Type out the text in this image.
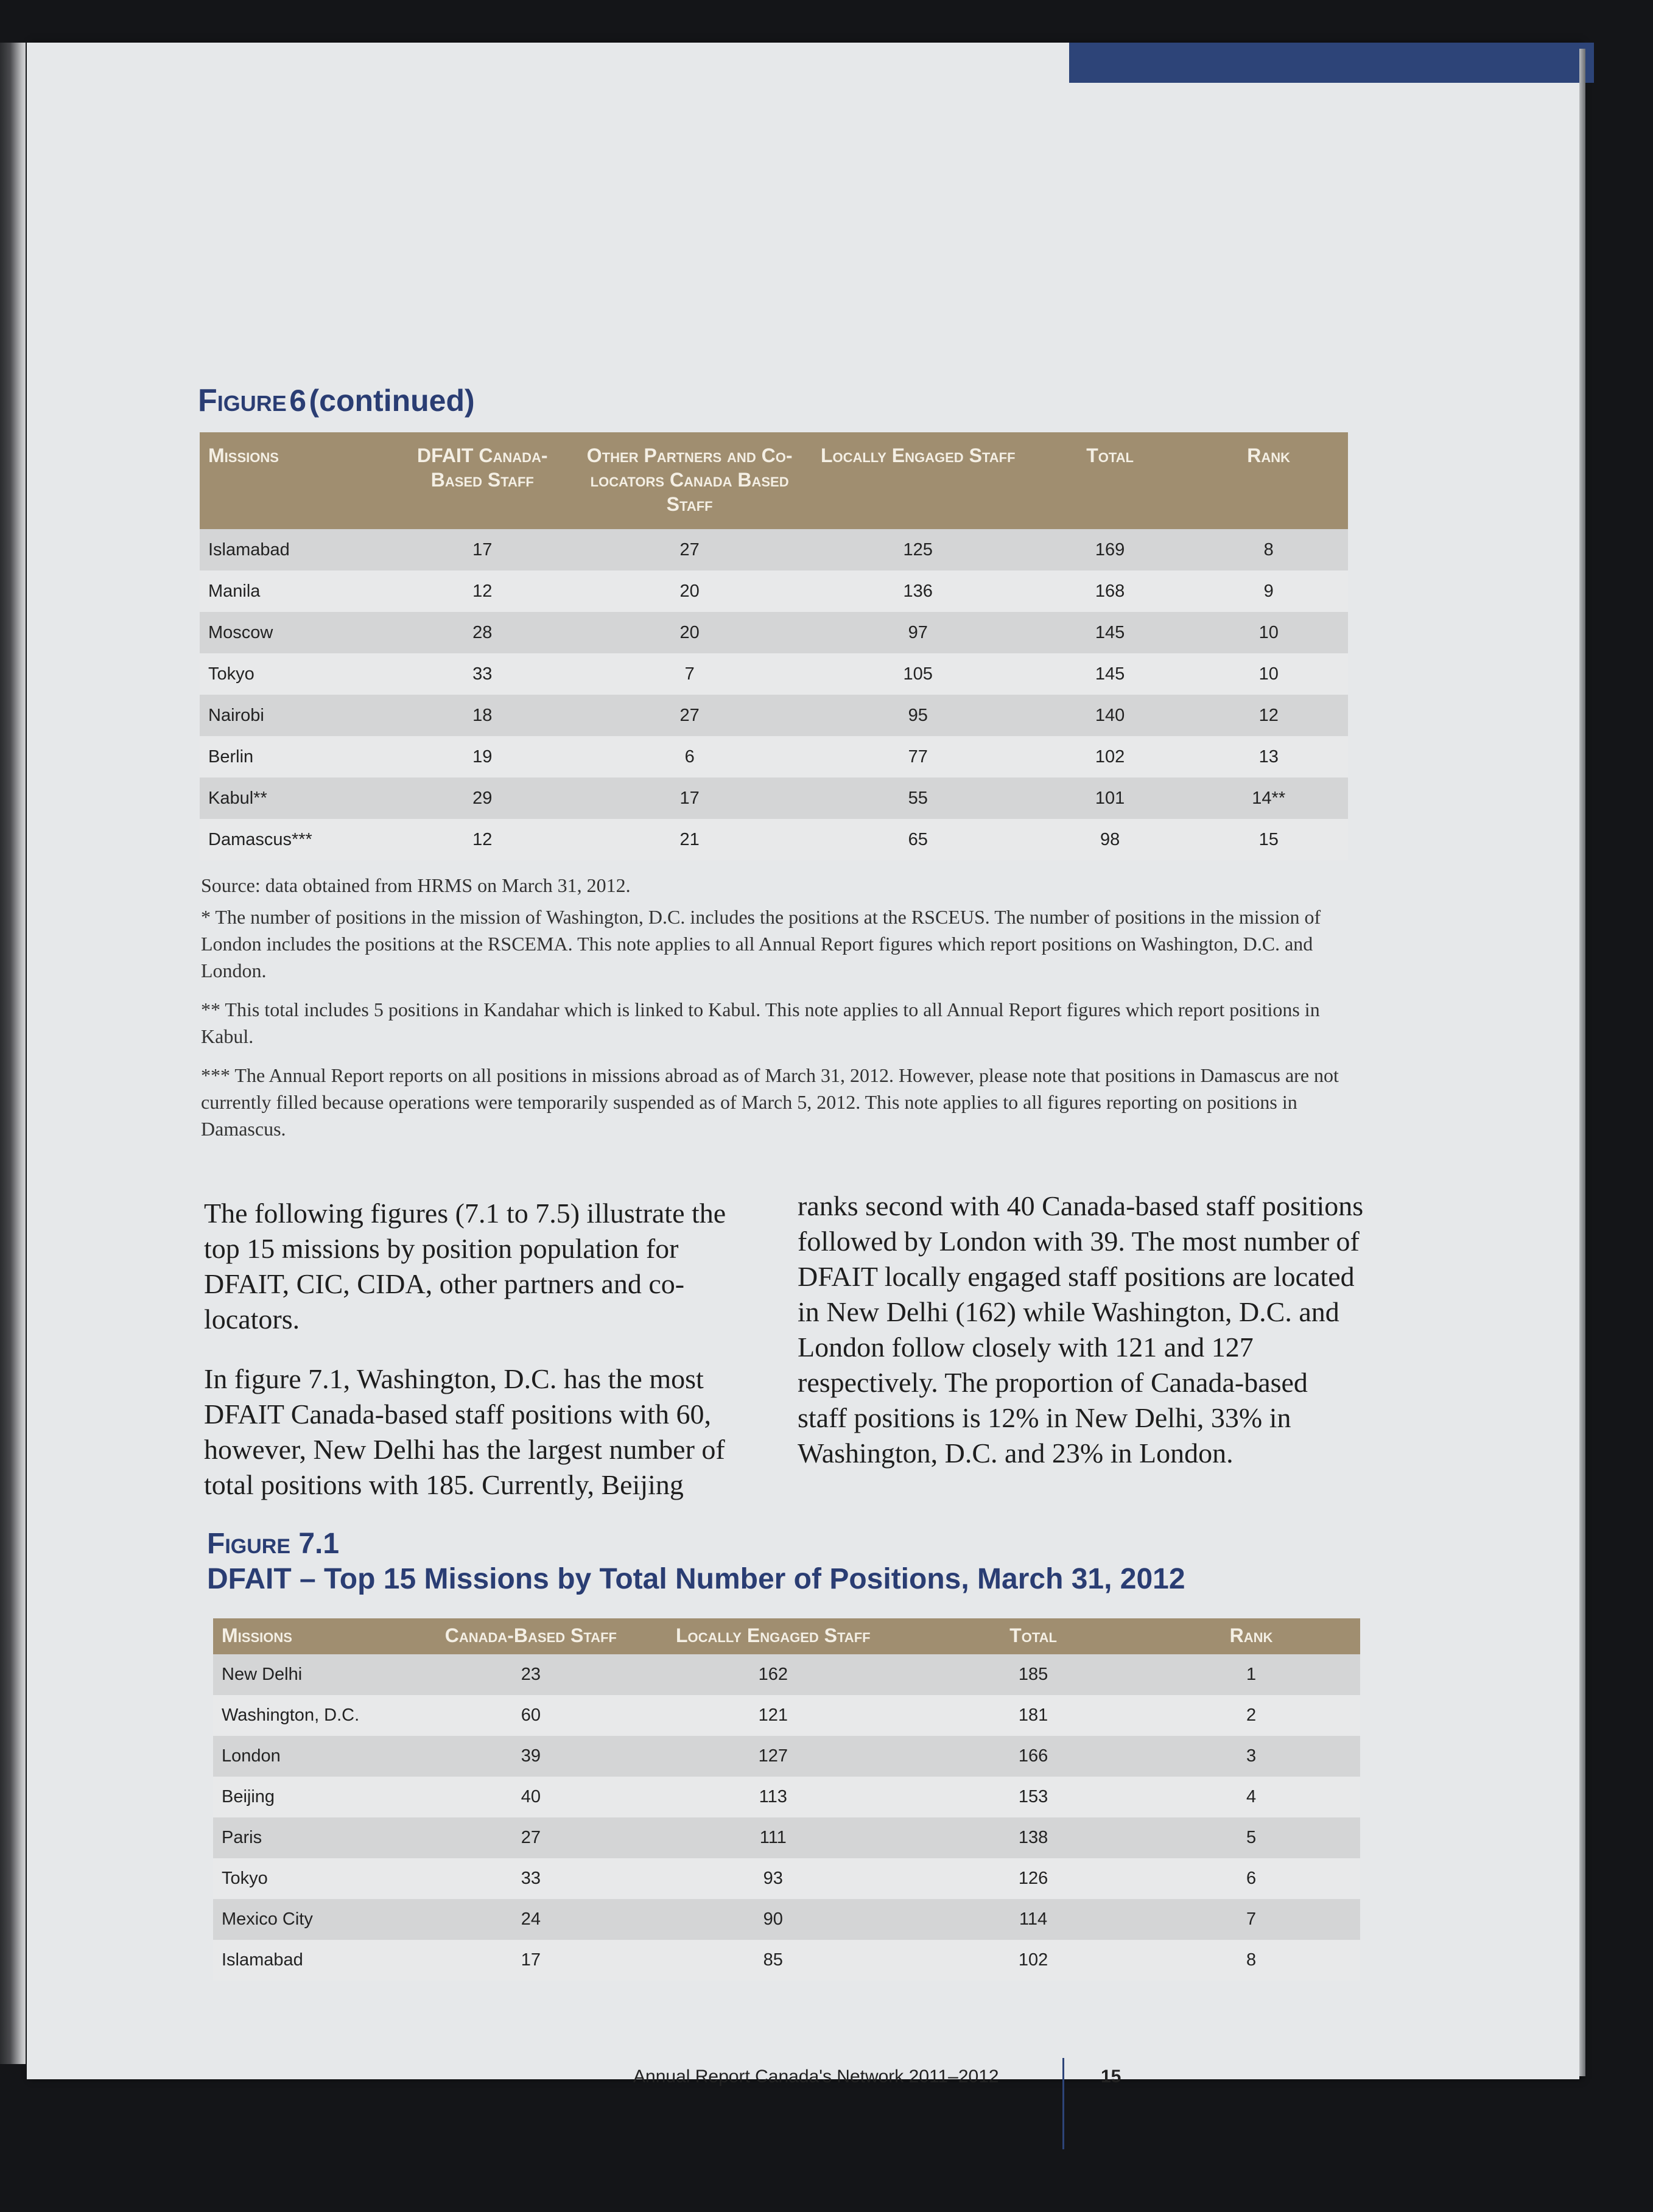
Figure 6 (continued)
Missions	DFAIT Canada-Based Staff	Other Partners and Co-locators Canada Based Staff	Locally Engaged Staff	Total	Rank
Islamabad	17	27	125	169	8
Manila	12	20	136	168	9
Moscow	28	20	97	145	10
Tokyo	33	7	105	145	10
Nairobi	18	27	95	140	12
Berlin	19	6	77	102	13
Kabul**	29	17	55	101	14**
Damascus***	12	21	65	98	15
Source: data obtained from HRMS on March 31, 2012.
* The number of positions in the mission of Washington, D.C. includes the positions at the RSCEUS. The number of positions in the mission of London includes the positions at the RSCEMA. This note applies to all Annual Report figures which report positions on Washington, D.C. and London.
** This total includes 5 positions in Kandahar which is linked to Kabul. This note applies to all Annual Report figures which report positions in Kabul.
*** The Annual Report reports on all positions in missions abroad as of March 31, 2012. However, please note that positions in Damascus are not currently filled because operations were temporarily suspended as of March 5, 2012. This note applies to all figures reporting on positions in Damascus.

The following figures (7.1 to 7.5) illustrate the top 15 missions by position population for DFAIT, CIC, CIDA, other partners and co-locators.

In figure 7.1, Washington, D.C. has the most DFAIT Canada-based staff positions with 60, however, New Delhi has the largest number of total positions with 185. Currently, Beijing

ranks second with 40 Canada-based staff positions followed by London with 39. The most number of DFAIT locally engaged staff positions are located in New Delhi (162) while Washington, D.C. and London follow closely with 121 and 127 respectively. The proportion of Canada-based staff positions is 12% in New Delhi, 33% in Washington, D.C. and 23% in London.

Figure 7.1
DFAIT – Top 15 Missions by Total Number of Positions, March 31, 2012
Missions	Canada-Based Staff	Locally Engaged Staff	Total	Rank
New Delhi	23	162	185	1
Washington, D.C.	60	121	181	2
London	39	127	166	3
Beijing	40	113	153	4
Paris	27	111	138	5
Tokyo	33	93	126	6
Mexico City	24	90	114	7
Islamabad	17	85	102	8
Annual Report Canada's Network 2011–2012	15
